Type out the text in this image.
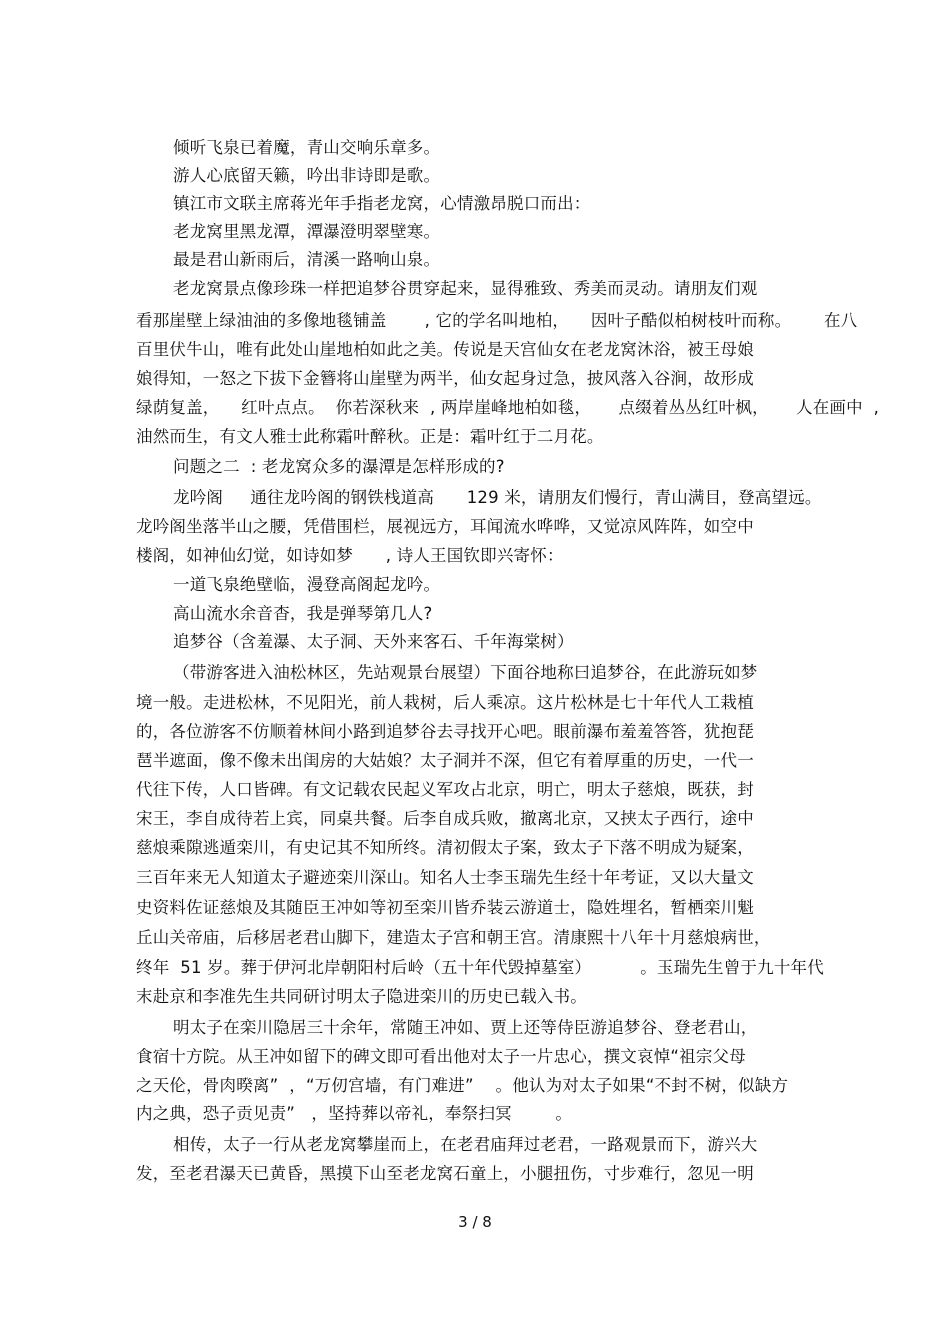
倾听飞泉已着魔，青山交响乐章多。
游人心底留天籁，吟出非诗即是歌。
镇江市文联主席蒋光年手指老龙窝，心情激昂脱口而出：
老龙窝里黑龙潭，潭瀑澄明翠壁寒。
最是君山新雨后，清溪一路响山泉。
老龙窝景点像珍珠一样把追梦谷贯穿起来，显得雅致、秀美而灵动。请朋友们观
看那崖壁上绿油油的多像地毯铺盖       , 它的学名叫地柏，    因叶子酷似柏树枝叶而称。      在八
百里伏牛山，唯有此处山崖地柏如此之美。传说是天宫仙女在老龙窝沐浴，被王母娘
娘得知，一怒之下拔下金簪将山崖壁为两半，仙女起身过急，披风落入谷涧，故形成
绿荫复盖，    红叶点点。  你若深秋来  , 两岸崖峰地柏如毯，     点缀着丛丛红叶枫，     人在画中  ,
油然而生，有文人雅士此称霜叶醉秋。正是：霜叶红于二月花。
问题之二  : 老龙窝众多的瀑潭是怎样形成的?
龙吟阁     通往龙吟阁的钢铁栈道高      129 米，请朋友们慢行，青山满目，登高望远。
龙吟阁坐落半山之腰，凭借围栏，展视远方，耳闻流水哗哗，又觉凉风阵阵，如空中
楼阁，如神仙幻觉，如诗如梦      , 诗人王国钦即兴寄怀：
一道飞泉绝壁临，漫登高阁起龙吟。
高山流水余音杳，我是弹琴第几人?
追梦谷（含羞瀑、太子洞、天外来客石、千年海棠树）
（带游客进入油松林区，先站观景台展望）下面谷地称曰追梦谷，在此游玩如梦
境一般。走进松林，不见阳光，前人栽树，后人乘凉。这片松林是七十年代人工栽植
的，各位游客不仿顺着林间小路到追梦谷去寻找开心吧。眼前瀑布羞羞答答，犹抱琵
琶半遮面，像不像未出闺房的大姑娘？太子洞并不深，但它有着厚重的历史，一代一
代往下传，人口皆碑。有文记载农民起义军攻占北京，明亡，明太子慈烺，既获，封
宋王，李自成待若上宾，同桌共餐。后李自成兵败，撤离北京，又挟太子西行，途中
慈烺乘隙逃遁栾川，有史记其不知所终。清初假太子案，致太子下落不明成为疑案，
三百年来无人知道太子避迹栾川深山。知名人士李玉瑞先生经十年考证，又以大量文
史资料佐证慈烺及其随臣王冲如等初至栾川皆乔装云游道士，隐姓埋名，暂栖栾川魁
丘山关帝庙，后移居老君山脚下，建造太子宫和朝王宫。清康熙十八年十月慈烺病世，
终年  51 岁。葬于伊河北岸朝阳村后岭（五十年代毁掉墓室）         。玉瑞先生曾于九十年代
末赴京和李准先生共同研讨明太子隐进栾川的历史已载入书。
明太子在栾川隐居三十余年，常随王冲如、贾上还等侍臣游追梦谷、登老君山，
食宿十方院。从王冲如留下的碑文即可看出他对太子一片忠心，撰文哀悼“祖宗父母
之天伦，骨肉暌离”  ，“万仞宫墙，有门难进”    。他认为对太子如果“不封不树，似缺方
内之典，恐子贡见责”   ，坚持葬以帝礼，奉祭扫冥        。
相传，太子一行从老龙窝攀崖而上，在老君庙拜过老君，一路观景而下，游兴大
发，至老君瀑天已黄昏，黑摸下山至老龙窝石童上，小腿扭伤，寸步难行，忽见一明
3 / 8
